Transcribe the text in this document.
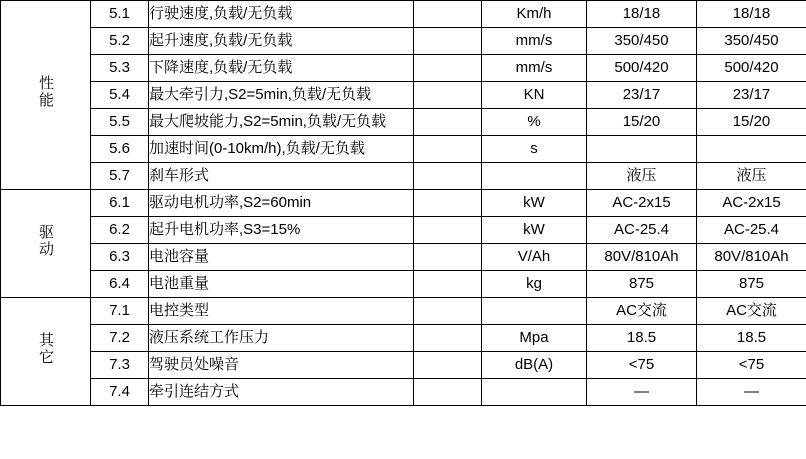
性能	5.1	行驶速度,负载/无负载		Km/h	18/18	18/18
	5.2	起升速度,负载/无负载		mm/s	350/450	350/450
	5.3	下降速度,负载/无负载		mm/s	500/420	500/420
	5.4	最大牵引力,S2=5min,负载/无负载		KN	23/17	23/17
	5.5	最大爬坡能力,S2=5min,负载/无负载		%	15/20	15/20
	5.6	加速时间(0-10km/h),负载/无负载		s		
	5.7	刹车形式			液压	液压
驱动	6.1	驱动电机功率,S2=60min		kW	AC-2x15	AC-2x15
	6.2	起升电机功率,S3=15%		kW	AC-25.4	AC-25.4
	6.3	电池容量		V/Ah	80V/810Ah	80V/810Ah
	6.4	电池重量		kg	875	875
其它	7.1	电控类型			AC交流	AC交流
	7.2	液压系统工作压力		Mpa	18.5	18.5
	7.3	驾驶员处噪音		dB(A)	<75	<75
	7.4	牵引连结方式			—	—
